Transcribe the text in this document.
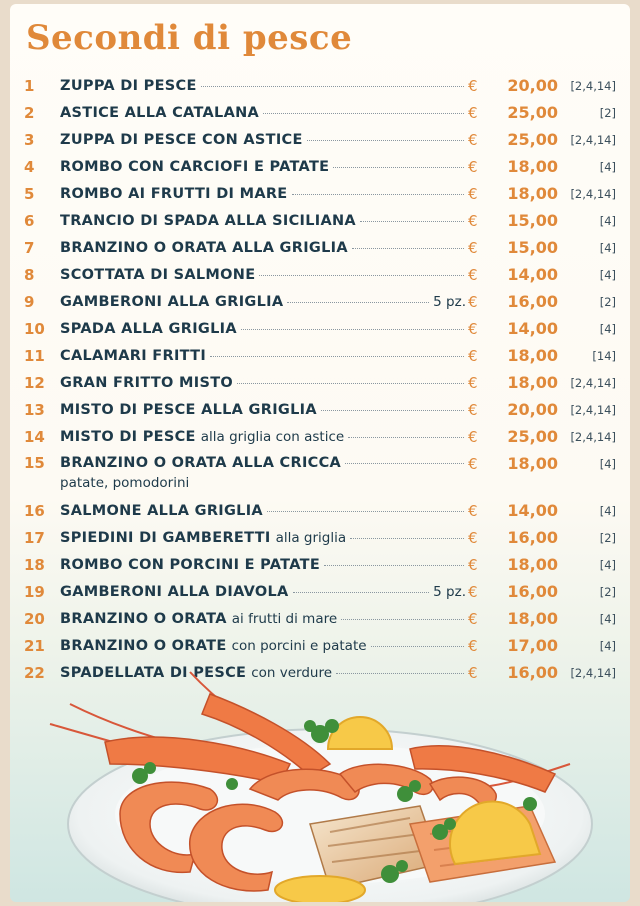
Secondi di pesce
1	ZUPPA DI PESCE	€	20,00	[2,4,14]
2	ASTICE ALLA CATALANA	€	25,00	[2]
3	ZUPPA DI PESCE CON ASTICE	€	25,00	[2,4,14]
4	ROMBO CON CARCIOFI E PATATE	€	18,00	[4]
5	ROMBO AI FRUTTI DI MARE	€	18,00	[2,4,14]
6	TRANCIO DI SPADA ALLA SICILIANA	€	15,00	[4]
7	BRANZINO O ORATA ALLA GRIGLIA	€	15,00	[4]
8	SCOTTATA DI SALMONE	€	14,00	[4]
9	GAMBERONI ALLA GRIGLIA	5 pz. €	16,00	[2]
10	SPADA ALLA GRIGLIA	€	14,00	[4]
11	CALAMARI FRITTI	€	18,00	[14]
12	GRAN FRITTO MISTO	€	18,00	[2,4,14]
13	MISTO DI PESCE ALLA GRIGLIA	€	20,00	[2,4,14]
14	MISTO DI PESCE alla griglia con astice	€	25,00	[2,4,14]
15	BRANZINO O ORATA ALLA CRICCA
patate, pomodorini
€	18,00	[4]
16	SALMONE ALLA GRIGLIA	€	14,00	[4]
17	SPIEDINI DI GAMBERETTI alla griglia	€	16,00	[2]
18	ROMBO CON PORCINI E PATATE	€	18,00	[4]
19	GAMBERONI ALLA DIAVOLA	5 pz. €	16,00	[2]
20	BRANZINO O ORATA ai frutti di mare	€	18,00	[4]
21	BRANZINO O ORATE con porcini e patate	€	17,00	[4]
22	SPADELLATA DI PESCE con verdure	€	16,00	[2,4,14]
